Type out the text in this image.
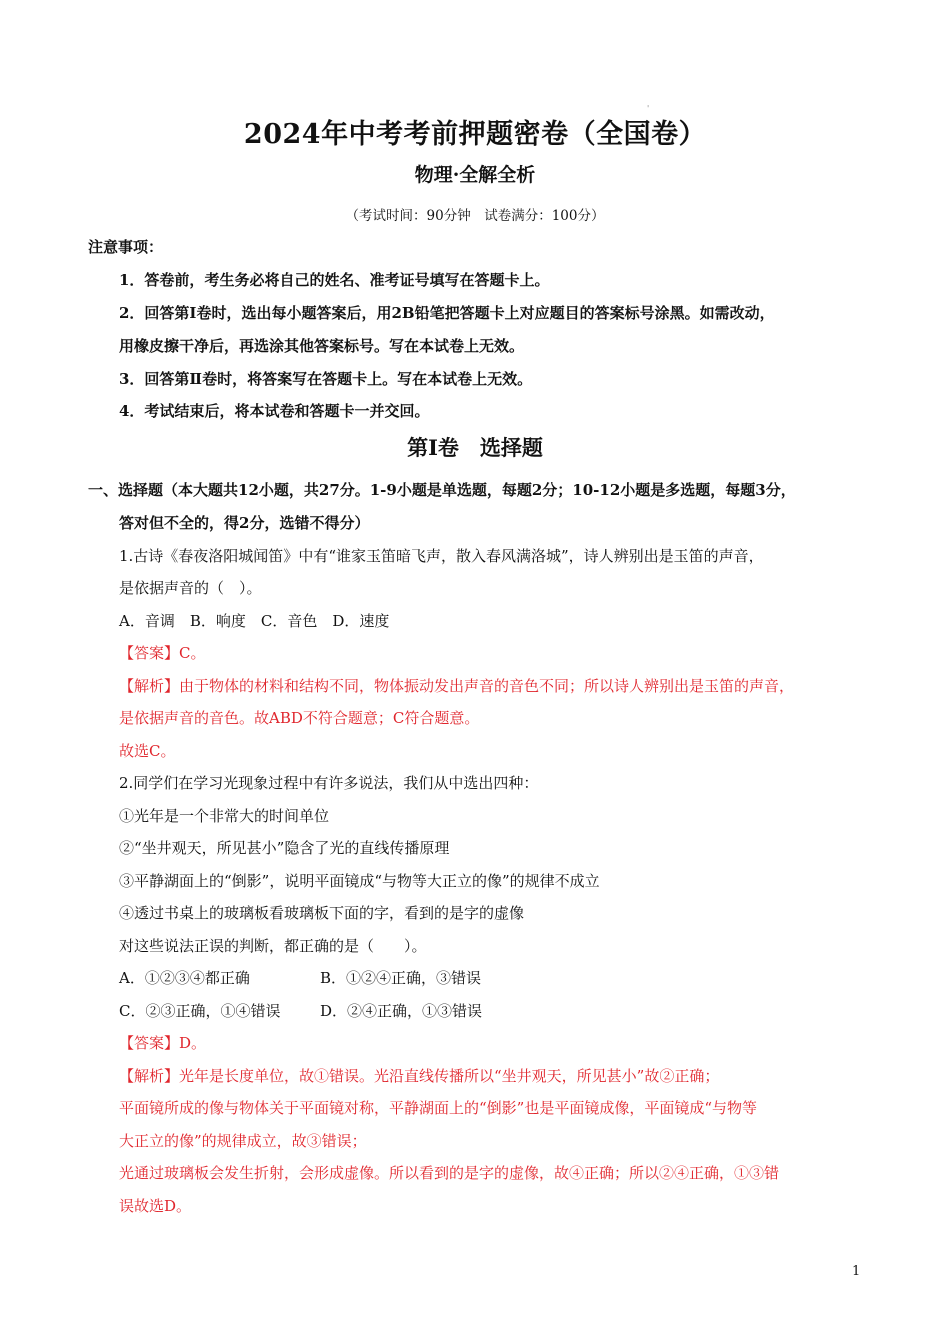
'
2024年中考考前押题密卷（全国卷）
物理·全解全析
（考试时间：90分钟　试卷满分：100分）
注意事项：
1．答卷前，考生务必将自己的姓名、准考证号填写在答题卡上。
2．回答第Ⅰ卷时，选出每小题答案后，用2B铅笔把答题卡上对应题目的答案标号涂黑。如需改动，
用橡皮擦干净后，再选涂其他答案标号。写在本试卷上无效。
3．回答第Ⅱ卷时，将答案写在答题卡上。写在本试卷上无效。
4．考试结束后，将本试卷和答题卡一并交回。
第Ⅰ卷　选择题
一、选择题（本大题共12小题，共27分。1-9小题是单选题，每题2分；10-12小题是多选题，每题3分，
答对但不全的，得2分，选错不得分）
1.古诗《春夜洛阳城闻笛》中有“谁家玉笛暗飞声，散入春风满洛城”，诗人辨别出是玉笛的声音，
是依据声音的（　）。
A．音调　B．响度　C．音色　D．速度
【答案】C。
【解析】由于物体的材料和结构不同，物体振动发出声音的音色不同；所以诗人辨别出是玉笛的声音，
是依据声音的音色。故ABD不符合题意；C符合题意。
故选C。
2.同学们在学习光现象过程中有许多说法，我们从中选出四种：
①光年是一个非常大的时间单位
②“坐井观天，所见甚小”隐含了光的直线传播原理
③平静湖面上的“倒影”，说明平面镜成“与物等大正立的像”的规律不成立
④透过书桌上的玻璃板看玻璃板下面的字，看到的是字的虚像
对这些说法正误的判断，都正确的是（　　）。
A．①②③④都正确	B．①②④正确，③错误
C．②③正确，①④错误	D．②④正确，①③错误
【答案】D。
【解析】光年是长度单位，故①错误。光沿直线传播所以“坐井观天，所见甚小”故②正确；
平面镜所成的像与物体关于平面镜对称，平静湖面上的“倒影”也是平面镜成像，平面镜成“与物等
大正立的像”的规律成立，故③错误；
光通过玻璃板会发生折射，会形成虚像。所以看到的是字的虚像，故④正确；所以②④正确，①③错
误故选D。
1
